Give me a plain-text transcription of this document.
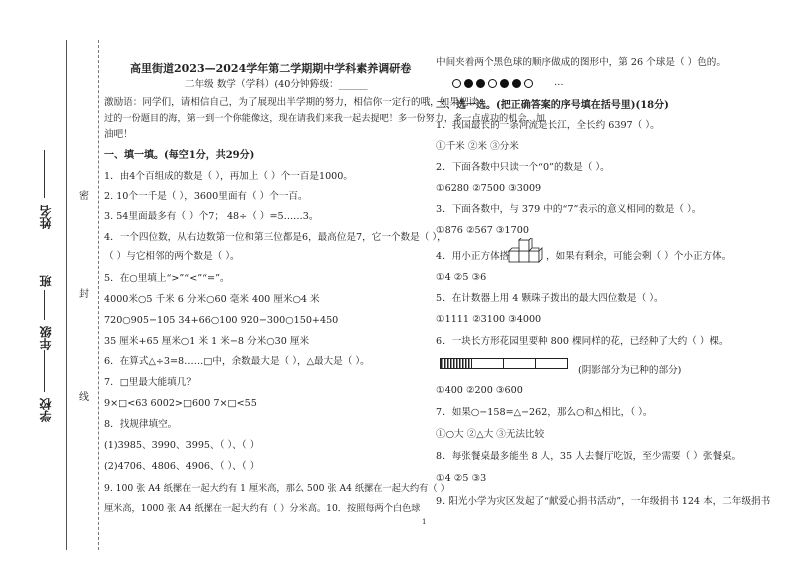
姓名
班
年级
学校
密
封
线
高里街道2023—2024学年第二学期期中学科素养调研卷
二年级 数学（学科）(40分钟)
等级：______
激励语：同学们，请相信自己，为了展现出半学期的努力，相信你一定行的哦，如果把读
过的一份题目的海，第一到一个你能像这，现在请我们来我一起去提吧！多一份努力，多一点成功的机会，加
油吧！
一、填一填。(每空1分，共29分)
1．由4个百组成的数是（ ），再加上（ ）个一百是1000。
2. 10个一千是（ ），3600里面有（ ）个一百。
3. 54里面最多有（ ）个7； 48÷（ ）=5……3。
4．一个四位数，从右边数第一位和第三位都是6，最高位是7，它一个数是（ ），
（ ）与它相邻的两个数是（ ）。
5．在○里填上“>”“<”“=”。
4000米○5 千米 6 分米○60 毫米 400 厘米○4 米
720○905−105 34+66○100 920−300○150+450
35 厘米+65 厘米○1 米 1 米−8 分米○30 厘米
6．在算式△÷3=8……□中，余数最大是（ ），△最大是（ ）。
7．□里最大能填几？
9×□<63 6002>□600 7×□<55
8．找规律填空。
(1)3985、3990、3995、（ ）、（ ）
(2)4706、4806、4906、（ ）、（ ）
9. 100 张 A4 纸摞在一起大约有 1 厘米高，那么 500 张 A4 纸摞在一起大约有（ ）
厘米高，1000 张 A4 纸摞在一起大约有（ ）分米高。10．按照每两个白色球
1
中间夹着两个黑色球的顺序做成的图形中，第 26 个球是（ ）色的。
…
二、选一选。(把正确答案的序号填在括号里)(18分)
1．我国最长的一条河流是长江，全长约 6397（ ）。
①千米 ②米 ③分米
2．下面各数中只读一个“0”的数是（ ）。
①6280 ②7500 ③3009
3．下面各数中，与 379 中的“7”表示的意义相同的数是（ ）。
①876 ②567 ③1700
4．用小正方体搭	，如果有剩余，可能会剩（ ）个小正方体。
①4 ②5 ③6
5．在计数器上用 4 颗珠子拨出的最大四位数是（ ）。
①1111 ②3100 ③4000
6．一块长方形花园里要种 800 棵同样的花，已经种了大约（ ）棵。
(阴影部分为已种的部分)
①400 ②200 ③600
7．如果○−158=△−262，那么○和△相比，（ ）。
①○大 ②△大 ③无法比较
8．每张餐桌最多能坐 8 人，35 人去餐厅吃饭，至少需要（ ）张餐桌。
①4 ②5 ③3
9. 阳光小学为灾区发起了“献爱心捐书活动”，一年级捐书 124 本，二年级捐书
